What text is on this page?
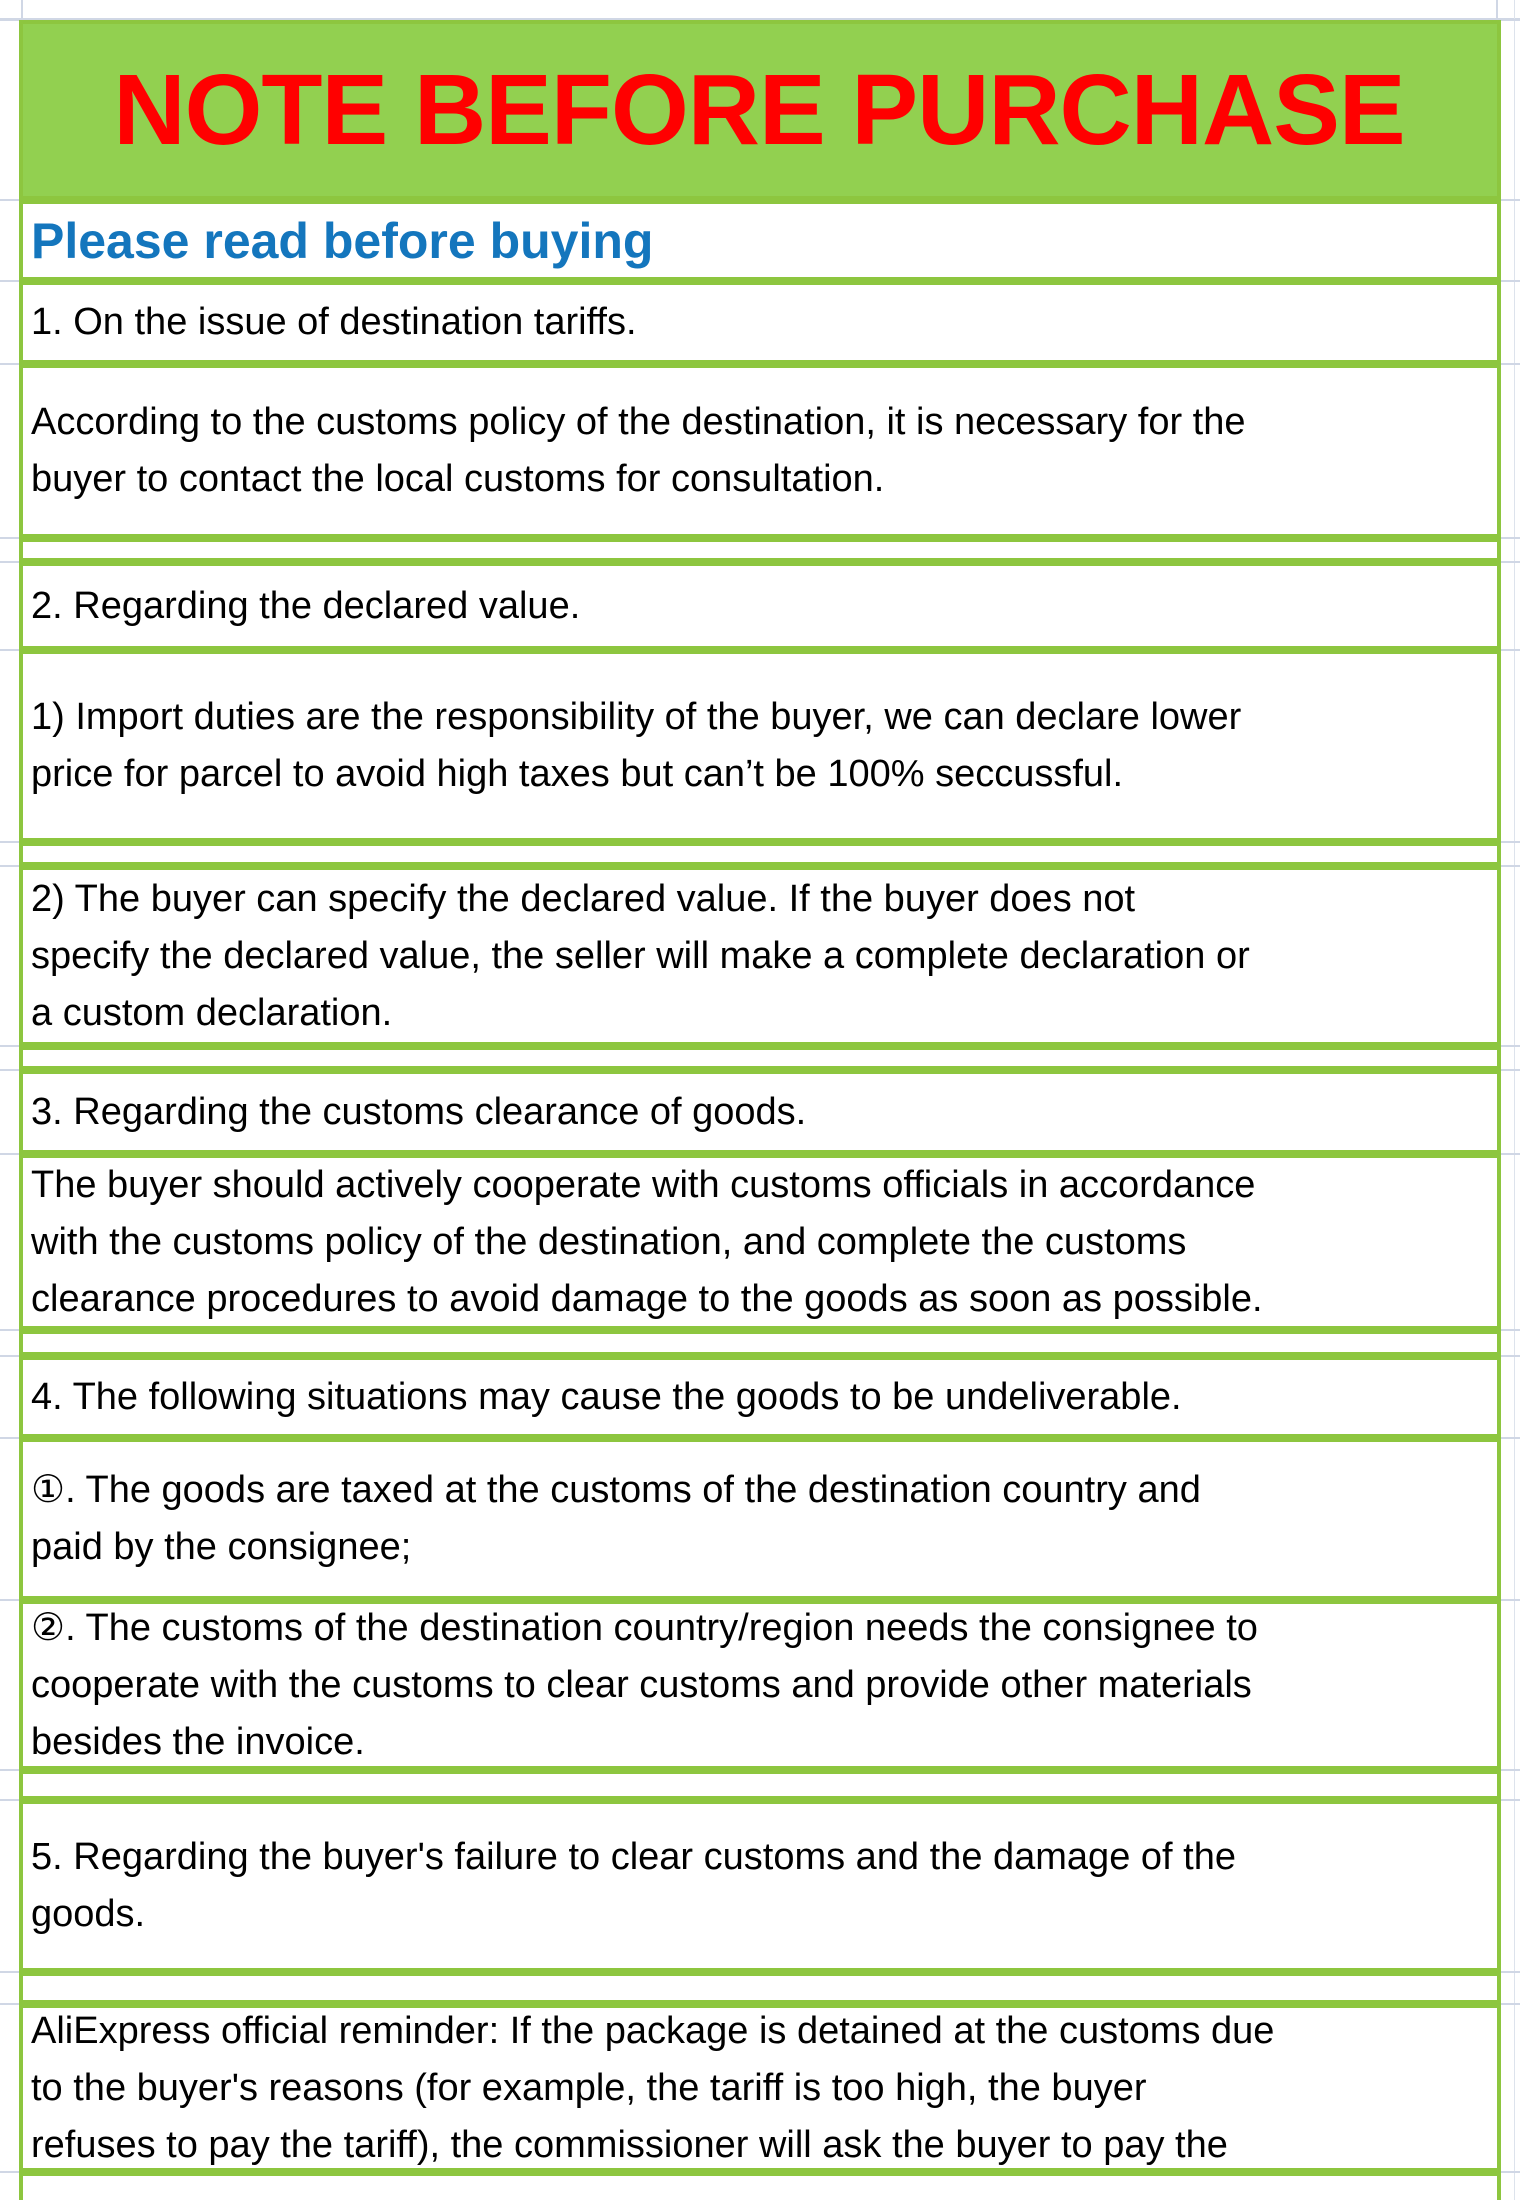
NOTE BEFORE PURCHASE
Please read before buying
1. On the issue of destination tariffs.
According to the customs policy of the destination, it is necessary for the
buyer to contact the local customs for consultation.
2. Regarding the declared value.
1) Import duties are the responsibility of the buyer, we can declare lower
price for parcel to avoid high taxes but can’t be 100% seccussful.
2) The buyer can specify the declared value. If the buyer does not
specify the declared value, the seller will make a complete declaration or
a custom declaration.
3. Regarding the customs clearance of goods.
The buyer should actively cooperate with customs officials in accordance
with the customs policy of the destination, and complete the customs
clearance procedures to avoid damage to the goods as soon as possible.
4. The following situations may cause the goods to be undeliverable.
①. The goods are taxed at the customs of the destination country and
paid by the consignee;
②. The customs of the destination country/region needs the consignee to
cooperate with the customs to clear customs and provide other materials
besides the invoice.
5. Regarding the buyer's failure to clear customs and the damage of the
goods.
AliExpress official reminder: If the package is detained at the customs due
to the buyer's reasons (for example, the tariff is too high, the buyer
refuses to pay the tariff), the commissioner will ask the buyer to pay the
